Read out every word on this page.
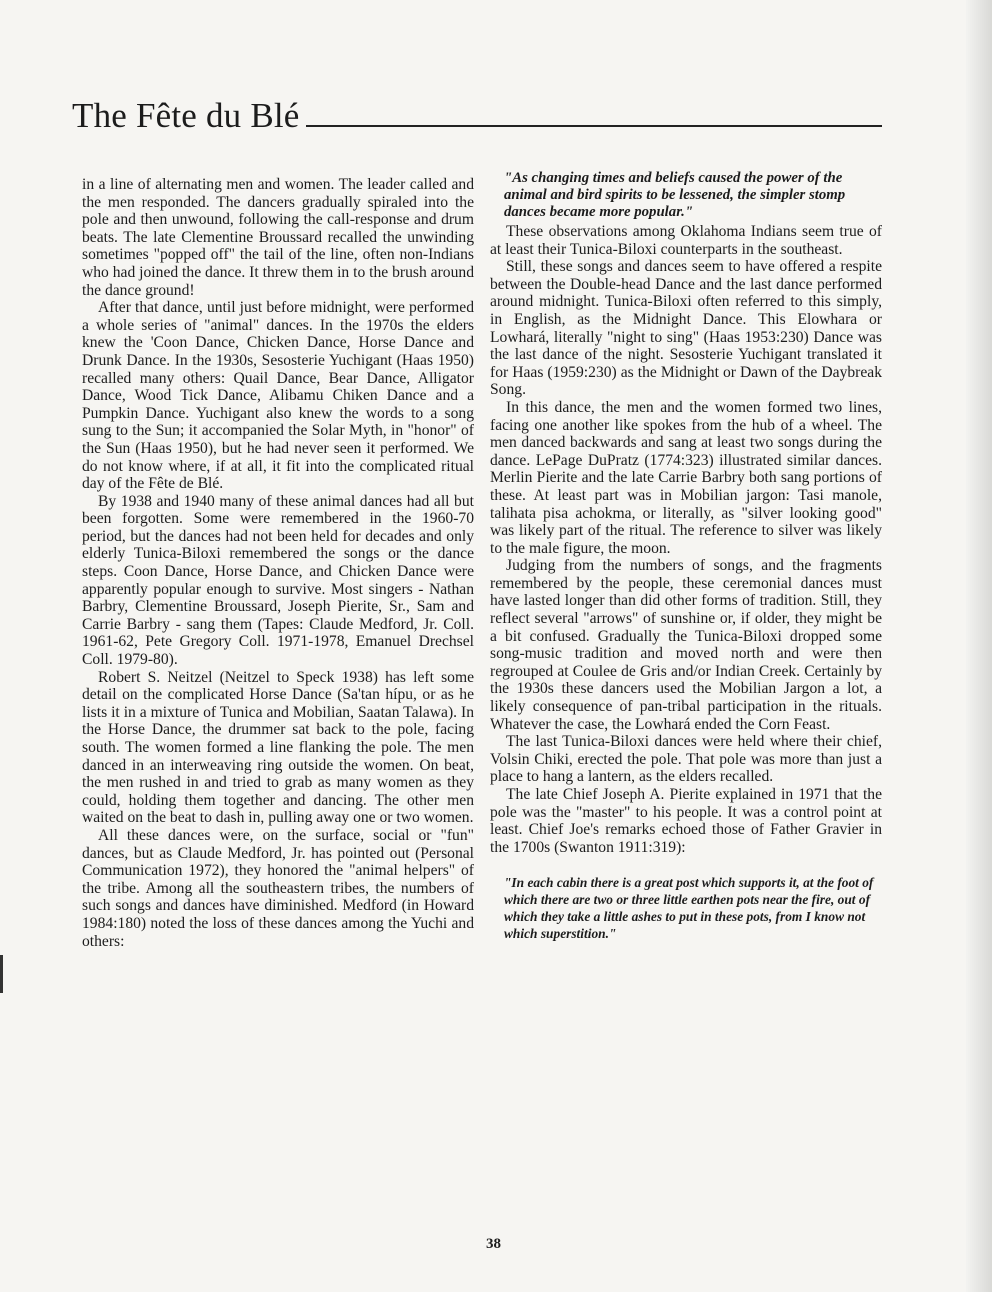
The Fête du Blé

in a line of alternating men and women. The leader called and the men responded. The dancers gradually spiraled into the pole and then unwound, following the call-response and drum beats. The late Clementine Broussard recalled the unwinding sometimes "popped off" the tail of the line, often non-Indians who had joined the dance. It threw them in to the brush around the dance ground!

After that dance, until just before midnight, were performed a whole series of "animal" dances. In the 1970s the elders knew the 'Coon Dance, Chicken Dance, Horse Dance and Drunk Dance. In the 1930s, Sesosterie Yuchigant (Haas 1950) recalled many others: Quail Dance, Bear Dance, Alligator Dance, Wood Tick Dance, Alibamu Chiken Dance and a Pumpkin Dance. Yuchigant also knew the words to a song sung to the Sun; it accompanied the Solar Myth, in "honor" of the Sun (Haas 1950), but he had never seen it performed. We do not know where, if at all, it fit into the complicated ritual day of the Fête de Blé.

By 1938 and 1940 many of these animal dances had all but been forgotten. Some were remembered in the 1960-70 period, but the dances had not been held for decades and only elderly Tunica-Biloxi remembered the songs or the dance steps. Coon Dance, Horse Dance, and Chicken Dance were apparently popular enough to survive. Most singers - Nathan Barbry, Clementine Broussard, Joseph Pierite, Sr., Sam and Carrie Barbry - sang them (Tapes: Claude Medford, Jr. Coll. 1961-62, Pete Gregory Coll. 1971-1978, Emanuel Drechsel Coll. 1979-80).

Robert S. Neitzel (Neitzel to Speck 1938) has left some detail on the complicated Horse Dance (Sa'tan hípu, or as he lists it in a mixture of Tunica and Mobilian, Saatan Talawa). In the Horse Dance, the drummer sat back to the pole, facing south. The women formed a line flanking the pole. The men danced in an interweaving ring outside the women. On beat, the men rushed in and tried to grab as many women as they could, holding them together and dancing. The other men waited on the beat to dash in, pulling away one or two women.

All these dances were, on the surface, social or "fun" dances, but as Claude Medford, Jr. has pointed out (Personal Communication 1972), they honored the "animal helpers" of the tribe. Among all the southeastern tribes, the numbers of such songs and dances have diminished. Medford (in Howard 1984:180) noted the loss of these dances among the Yuchi and others:

"As changing times and beliefs caused the power of the animal and bird spirits to be lessened, the simpler stomp dances became more popular."

These observations among Oklahoma Indians seem true of at least their Tunica-Biloxi counterparts in the southeast.

Still, these songs and dances seem to have offered a respite between the Double-head Dance and the last dance performed around midnight. Tunica-Biloxi often referred to this simply, in English, as the Midnight Dance. This Elowhara or Lowhará, literally "night to sing" (Haas 1953:230) Dance was the last dance of the night. Sesosterie Yuchigant translated it for Haas (1959:230) as the Midnight or Dawn of the Daybreak Song.

In this dance, the men and the women formed two lines, facing one another like spokes from the hub of a wheel. The men danced backwards and sang at least two songs during the dance. LePage DuPratz (1774:323) illustrated similar dances. Merlin Pierite and the late Carrie Barbry both sang portions of these. At least part was in Mobilian jargon: Tasi manole, talihata pisa achokma, or literally, as "silver looking good" was likely part of the ritual. The reference to silver was likely to the male figure, the moon.

Judging from the numbers of songs, and the fragments remembered by the people, these ceremonial dances must have lasted longer than did other forms of tradition. Still, they reflect several "arrows" of sunshine or, if older, they might be a bit confused. Gradually the Tunica-Biloxi dropped some song-music tradition and moved north and were then regrouped at Coulee de Gris and/or Indian Creek. Certainly by the 1930s these dancers used the Mobilian Jargon a lot, a likely consequence of pan-tribal participation in the rituals. Whatever the case, the Lowhará ended the Corn Feast.

The last Tunica-Biloxi dances were held where their chief, Volsin Chiki, erected the pole. That pole was more than just a place to hang a lantern, as the elders recalled.

The late Chief Joseph A. Pierite explained in 1971 that the pole was the "master" to his people. It was a control point at least. Chief Joe's remarks echoed those of Father Gravier in the 1700s (Swanton 1911:319):

"In each cabin there is a great post which supports it, at the foot of which there are two or three little earthen pots near the fire, out of which they take a little ashes to put in these pots, from I know not which superstition."
38
